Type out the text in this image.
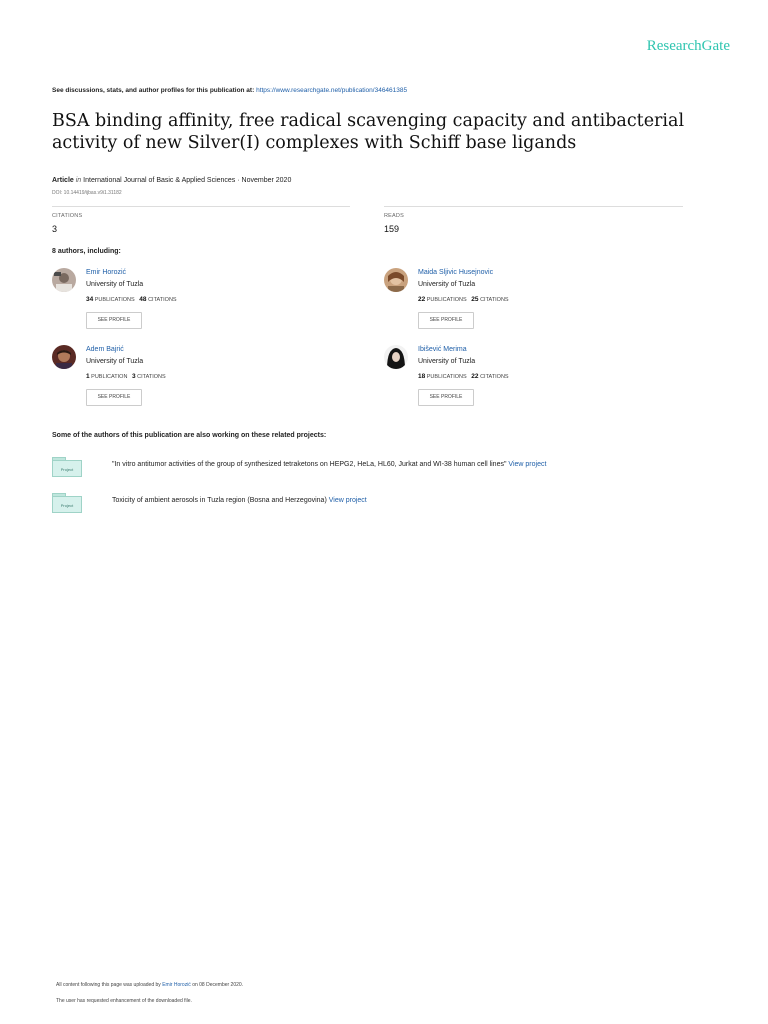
ResearchGate
See discussions, stats, and author profiles for this publication at: https://www.researchgate.net/publication/346461385
BSA binding affinity, free radical scavenging capacity and antibacterial activity of new Silver(I) complexes with Schiff base ligands
Article in International Journal of Basic & Applied Sciences · November 2020
DOI: 10.14419/ijbas.v9i1.31182
CITATIONS
3
READS
159
8 authors, including:
Emir Horozić
University of Tuzla
34 PUBLICATIONS 48 CITATIONS
SEE PROFILE
Maida Sljivic Husejnovic
University of Tuzla
22 PUBLICATIONS 25 CITATIONS
SEE PROFILE
Adem Bajrić
University of Tuzla
1 PUBLICATION 3 CITATIONS
SEE PROFILE
Ibišević Merima
University of Tuzla
18 PUBLICATIONS 22 CITATIONS
SEE PROFILE
Some of the authors of this publication are also working on these related projects:
Project
"In vitro antitumor activities of the group of synthesized tetraketons on HEPG2, HeLa, HL60, Jurkat and WI-38 human cell lines" View project
Project
Toxicity of ambient aerosols in Tuzla region (Bosna and Herzegovina) View project
All content following this page was uploaded by Emir Horozić on 08 December 2020.
The user has requested enhancement of the downloaded file.
